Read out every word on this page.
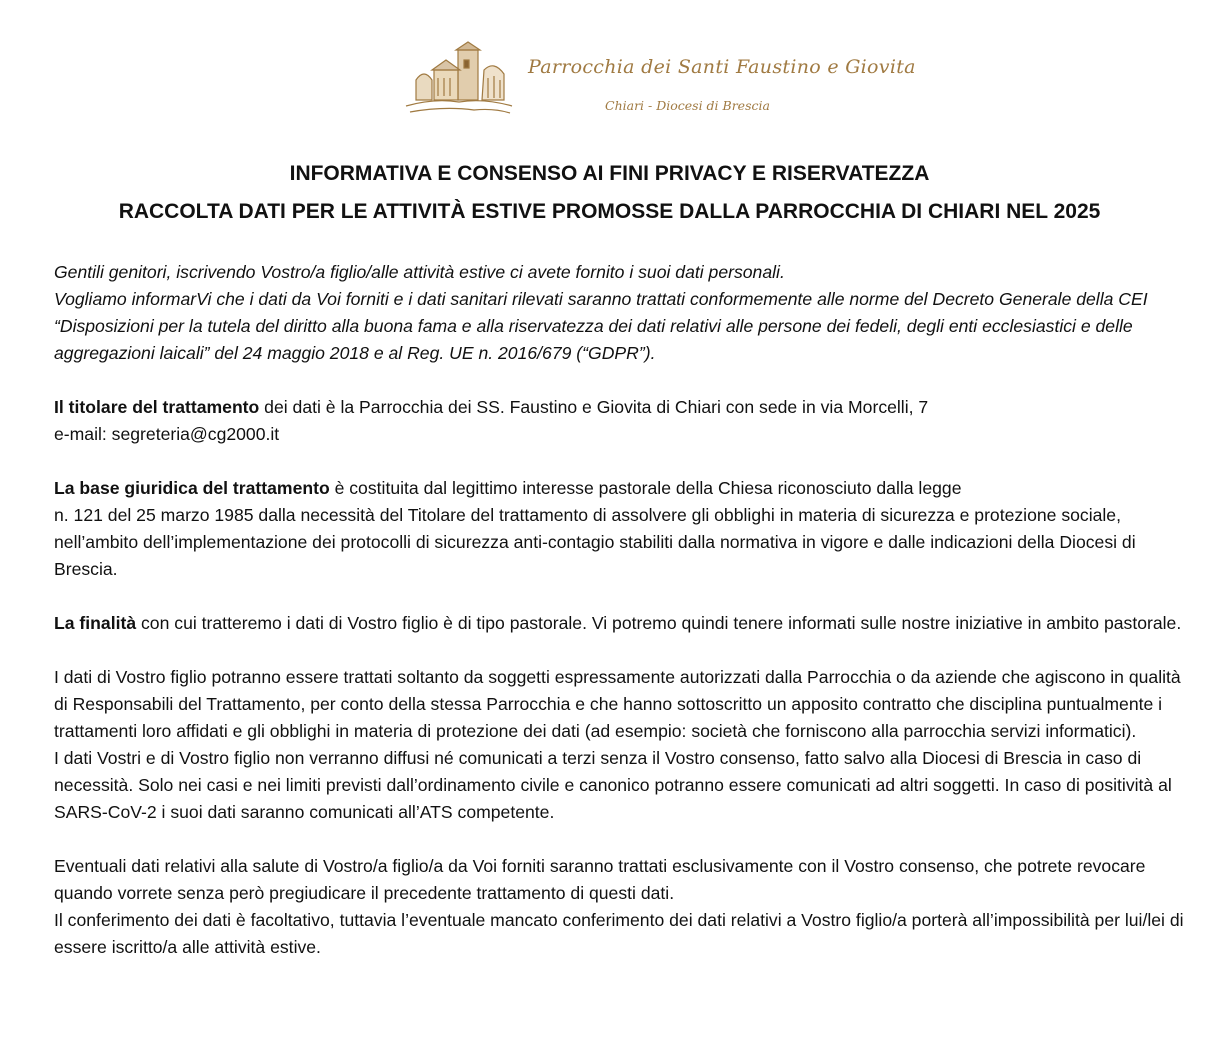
Parrocchia dei Santi Faustino e Giovita
Chiari - Diocesi di Brescia
INFORMATIVA E CONSENSO AI FINI PRIVACY E RISERVATEZZA
RACCOLTA DATI PER LE ATTIVITÀ ESTIVE PROMOSSE DALLA PARROCCHIA DI CHIARI NEL 2025

Gentili genitori, iscrivendo Vostro/a figlio/alle attività estive ci avete fornito i suoi dati personali.
Vogliamo informarVi che i dati da Voi forniti e i dati sanitari rilevati saranno trattati conformemente alle norme del Decreto Generale della CEI “Disposizioni per la tutela del diritto alla buona fama e alla riservatezza dei dati relativi alle persone dei fedeli, degli enti ecclesiastici e delle aggregazioni laicali” del 24 maggio 2018 e al Reg. UE n. 2016/679 (“GDPR”).

Il titolare del trattamento dei dati è la Parrocchia dei SS. Faustino e Giovita di Chiari con sede in via Morcelli, 7
e-mail: segreteria@cg2000.it

La base giuridica del trattamento è costituita dal legittimo interesse pastorale della Chiesa riconosciuto dalla legge
n. 121 del 25 marzo 1985 dalla necessità del Titolare del trattamento di assolvere gli obblighi in materia di sicurezza e protezione sociale, nell’ambito dell’implementazione dei protocolli di sicurezza anti-contagio stabiliti dalla normativa in vigore e dalle indicazioni della Diocesi di Brescia.

La finalità con cui tratteremo i dati di Vostro figlio è di tipo pastorale. Vi potremo quindi tenere informati sulle nostre iniziative in ambito pastorale.

I dati di Vostro figlio potranno essere trattati soltanto da soggetti espressamente autorizzati dalla Parrocchia o da aziende che agiscono in qualità di Responsabili del Trattamento, per conto della stessa Parrocchia e che hanno sottoscritto un apposito contratto che disciplina puntualmente i trattamenti loro affidati e gli obblighi in materia di protezione dei dati (ad esempio: società che forniscono alla parrocchia servizi informatici).
I dati Vostri e di Vostro figlio non verranno diffusi né comunicati a terzi senza il Vostro consenso, fatto salvo alla Diocesi di Brescia in caso di necessità. Solo nei casi e nei limiti previsti dall’ordinamento civile e canonico potranno essere comunicati ad altri soggetti. In caso di positività al SARS-CoV-2 i suoi dati saranno comunicati all’ATS competente.

Eventuali dati relativi alla salute di Vostro/a figlio/a da Voi forniti saranno trattati esclusivamente con il Vostro consenso, che potrete revocare quando vorrete senza però pregiudicare il precedente trattamento di questi dati.
Il conferimento dei dati è facoltativo, tuttavia l’eventuale mancato conferimento dei dati relativi a Vostro figlio/a porterà all’impossibilità per lui/lei di essere iscritto/a alle attività estive.
